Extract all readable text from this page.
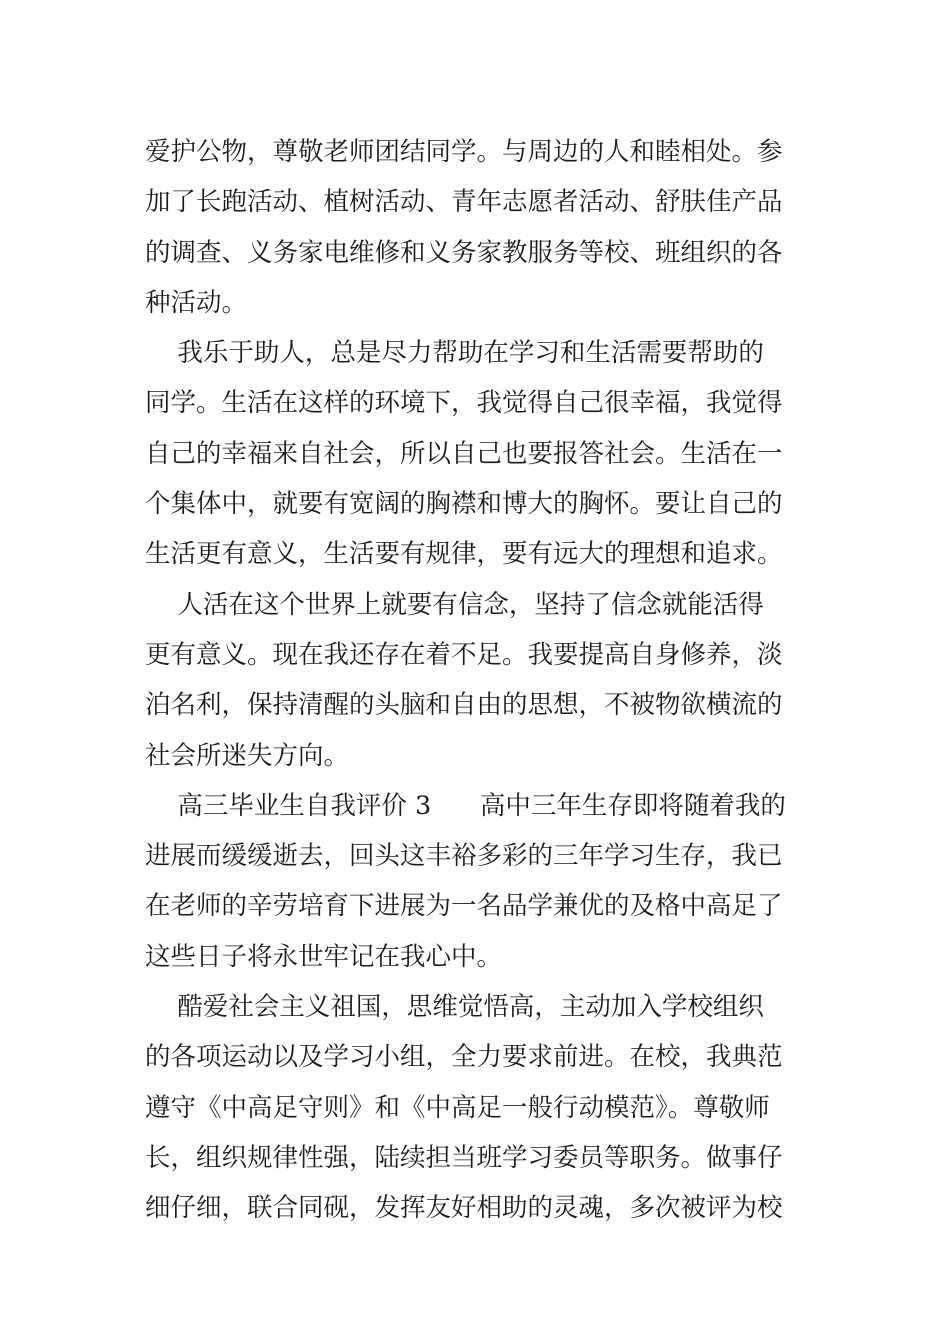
爱护公物，尊敬老师团结同学。与周边的人和睦相处。参
加了长跑活动、植树活动、青年志愿者活动、舒肤佳产品
的调查、义务家电维修和义务家教服务等校、班组织的各
种活动。
我乐于助人，总是尽力帮助在学习和生活需要帮助的
同学。生活在这样的环境下，我觉得自己很幸福，我觉得
自己的幸福来自社会，所以自己也要报答社会。生活在一
个集体中，就要有宽阔的胸襟和博大的胸怀。要让自己的
生活更有意义，生活要有规律，要有远大的理想和追求。
人活在这个世界上就要有信念，坚持了信念就能活得
更有意义。现在我还存在着不足。我要提高自身修养，淡
泊名利，保持清醒的头脑和自由的思想，不被物欲横流的
社会所迷失方向。
高三毕业生自我评价 3      高中三年生存即将随着我的
进展而缓缓逝去，回头这丰裕多彩的三年学习生存，我已
在老师的辛劳培育下进展为一名品学兼优的及格中高足了
这些日子将永世牢记在我心中。
酷爱社会主义祖国，思维觉悟高，主动加入学校组织
的各项运动以及学习小组，全力要求前进。在校，我典范
遵守《中高足守则》和《中高足一般行动模范》。尊敬师
长，组织规律性强，陆续担当班学习委员等职务。做事仔
细仔细，联合同砚，发挥友好相助的灵魂，多次被评为校
